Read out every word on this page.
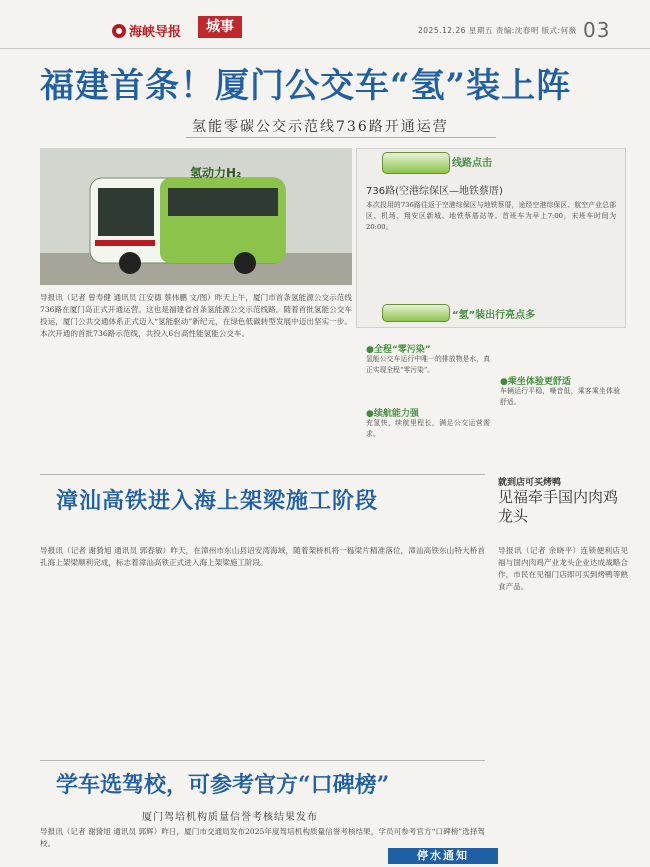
海峡导报	城事	2025.12.26 星期五 责编:沈春明 版式:何薇 03
福建首条！厦门公交车“氢”装上阵
氢能零碳公交示范线736路开通运营
氢动力H₂
线路点击
736路(空港综保区—地铁蔡厝)
本次投用的736路往返于空港综保区与地铁蔡厝，途经空港综保区、航空产业总部区、机场、翔安区新城、地铁蔡厝站等。首班车为早上7:00，末班车时间为20:00。
“氢”装出行亮点多
●全程“零污染”
氢能公交车运行中唯一的排放物是水，真正实现全程“零污染”。
●续航能力强
充氢快，续航里程长，满足公交运营需求。
●乘坐体验更舒适
车辆运行平稳，噪音低，乘客乘坐体验舒适。
导报讯（记者 曾寿健 通讯员 江安德 蔡伟鹏 文/图）昨天上午，厦门市首条氢能源公交示范线736路在厦门岛正式开通运营。这也是福建省首条氢能源公交示范线路。随着首批氢能公交车投运，厦门公共交通体系正式迈入“氢能驱动”新纪元，在绿色低碳转型发展中迈出坚实一步。本次开通的首批736路示范线，共投入6台高性能氢能公交车。
漳汕高铁进入海上架梁施工阶段
导报讯（记者 谢猗旭 通讯员 郭春敏）昨天，在漳州市东山县诏安湾海域，随着架桥机将一榀梁片精准落位，漳汕高铁东山特大桥首孔海上架梁顺利完成，标志着漳汕高铁正式进入海上架梁施工阶段。
就到店可买烤鸭
见福牵手国内肉鸡龙头
导报讯（记者 余晓平）连锁便利店见福与国内肉鸡产业龙头企业达成战略合作，市民在见福门店即可买到烤鸭等熟食产品。
学车选驾校，可参考官方“口碑榜”
厦门驾培机构质量信誉考核结果发布
导报讯（记者 谢猗旭 通讯员 郭辉）昨日，厦门市交通局发布2025年度驾培机构质量信誉考核结果，学员可参考官方“口碑榜”选择驾校。
停水通知
